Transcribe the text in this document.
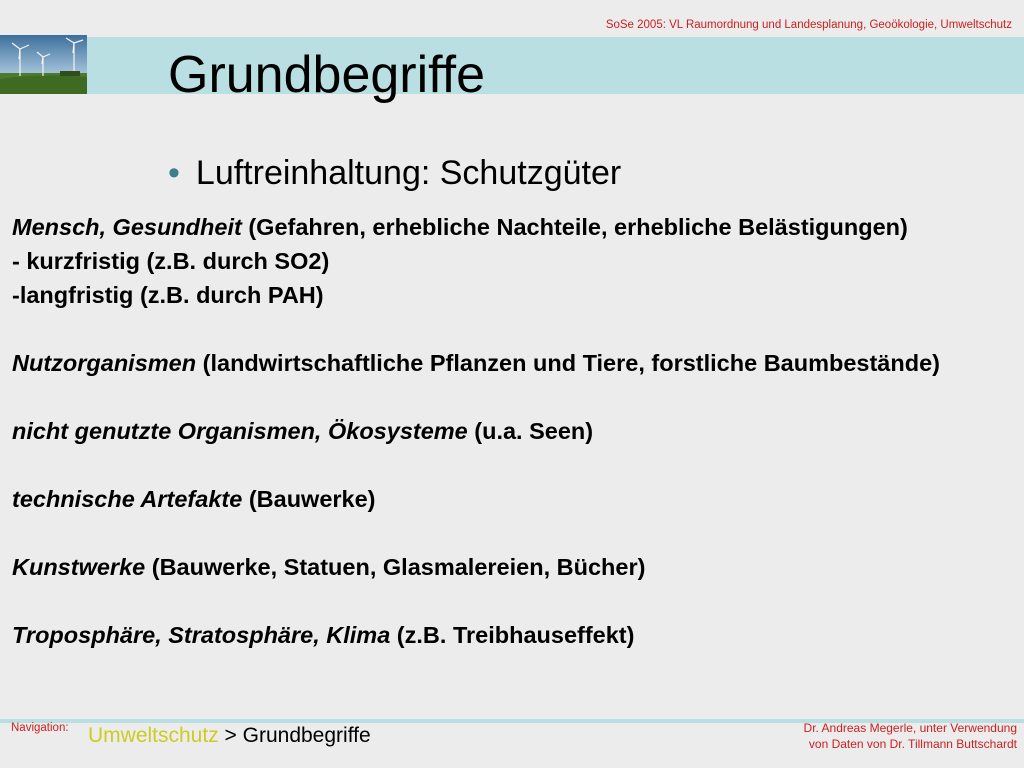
SoSe 2005: VL Raumordnung und Landesplanung, Geoökologie, Umweltschutz
Grundbegriffe
• Luftreinhaltung: Schutzgüter

Mensch, Gesundheit (Gefahren, erhebliche Nachteile, erhebliche Belästigungen)

- kurzfristig (z.B. durch SO2)

-langfristig (z.B. durch PAH)

Nutzorganismen (landwirtschaftliche Pflanzen und Tiere, forstliche Baumbestände)

nicht genutzte Organismen, Ökosysteme (u.a. Seen)

technische Artefakte (Bauwerke)

Kunstwerke (Bauwerke, Statuen, Glasmalereien, Bücher)

Troposphäre, Stratosphäre, Klima (z.B. Treibhauseffekt)

Navigation: Umweltschutz > Grundbegriffe	Dr. Andreas Megerle, unter Verwendung
von Daten von Dr. Tillmann Buttschardt
